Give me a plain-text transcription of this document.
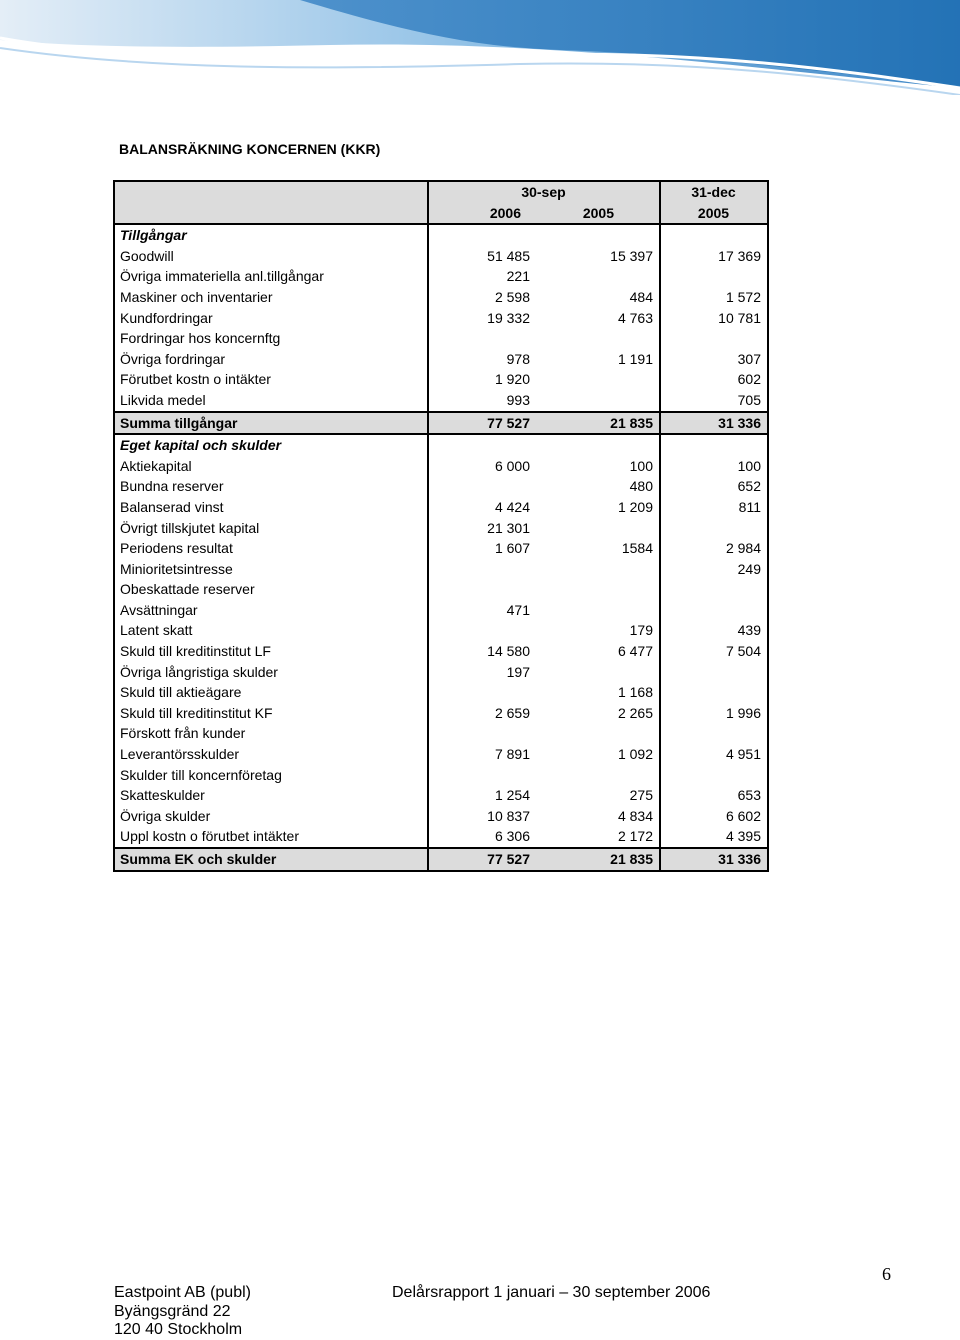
BALANSRÄKNING KONCERNEN (KKR)
	30-sep		31-dec
	2006	2005	2005
Tillgångar			
Goodwill	51 485	15 397	17 369
Övriga immateriella anl.tillgångar	221		
Maskiner och inventarier	2 598	484	1 572
Kundfordringar	19 332	4 763	10 781
Fordringar hos koncernftg			
Övriga fordringar	978	1 191	307
Förutbet kostn o intäkter	1 920		602
Likvida medel	993		705
Summa tillgångar	77 527	21 835	31 336
Eget kapital och skulder			
Aktiekapital	6 000	100	100
Bundna reserver		480	652
Balanserad vinst	4 424	1 209	811
Övrigt tillskjutet kapital	21 301		
Periodens resultat	1 607	1584	2 984
Minioritetsintresse			249
Obeskattade reserver			
Avsättningar	471		
Latent skatt		179	439
Skuld till kreditinstitut LF	14 580	6 477	7 504
Övriga långristiga skulder	197		
Skuld till aktieägare		1 168	
Skuld till kreditinstitut KF	2 659	2 265	1 996
Förskott från kunder			
Leverantörsskulder	7 891	1 092	4 951
Skulder till koncernföretag			
Skatteskulder	1 254	275	653
Övriga skulder	10 837	4 834	6 602
Uppl kostn o förutbet intäkter	6 306	2 172	4 395
Summa EK och skulder	77 527	21 835	31 336
6
Eastpoint AB (publ)	Delårsrapport 1 januari – 30 september 2006
Byängsgränd 22
120 40 Stockholm
